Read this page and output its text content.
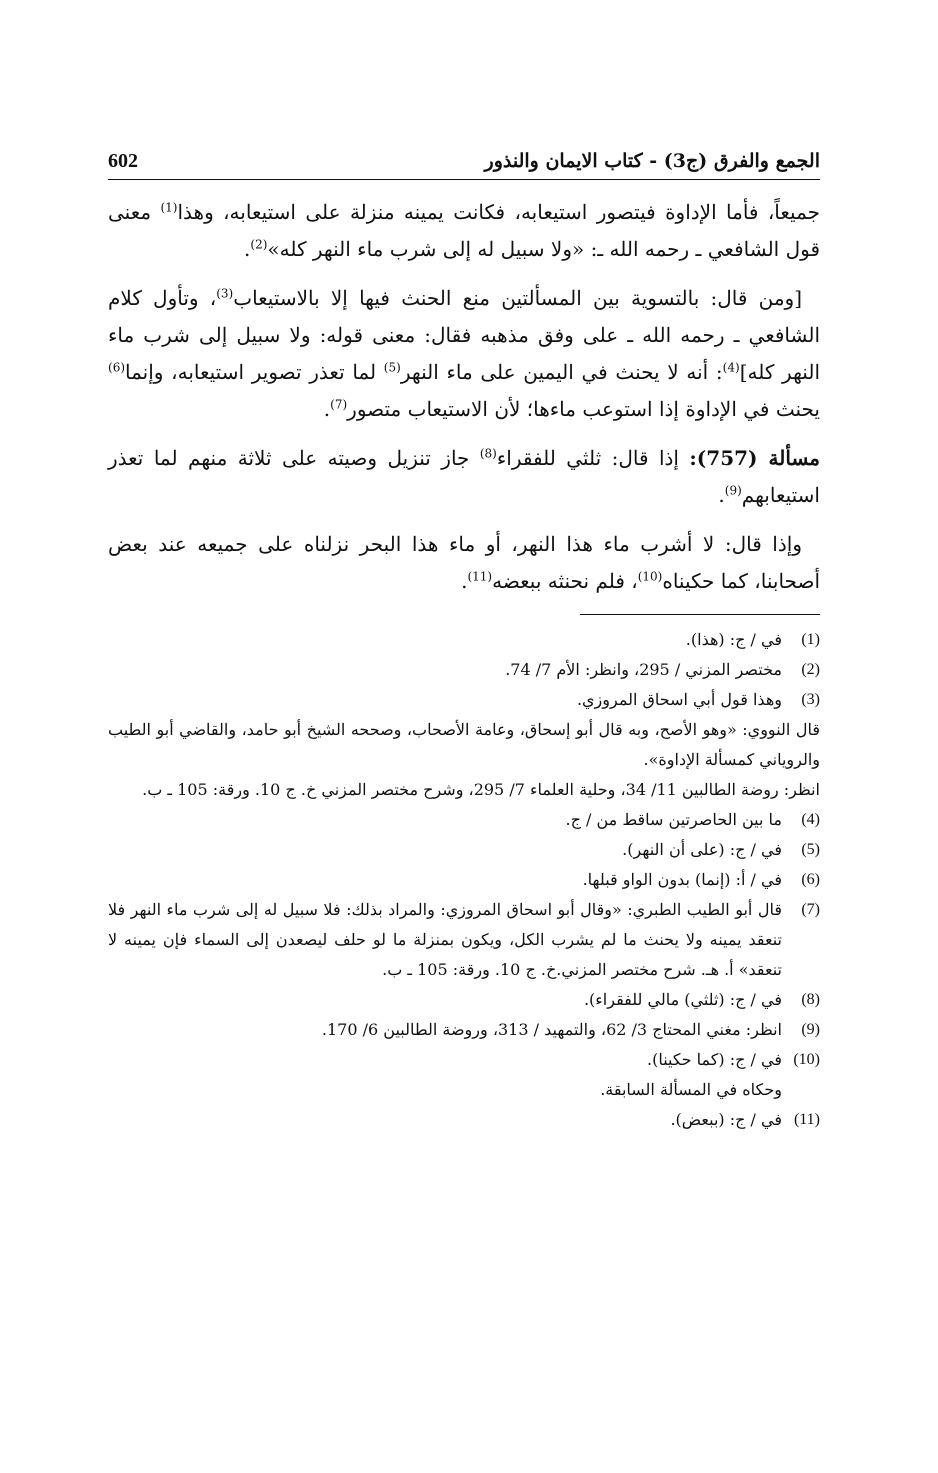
الجمع والفرق (ج3) - كتاب الايمان والنذور
602

جميعاً، فأما الإداوة فيتصور استيعابه، فكانت يمينه منزلة على استيعابه، وهذا$^{(1)}$ معنى قول الشافعي ـ رحمه الله ـ: «ولا سبيل له إلى شرب ماء النهر كله»$^{(2)}$.

[ومن قال: بالتسوية بين المسألتين منع الحنث فيها إلا بالاستيعاب$^{(3)}$، وتأول كلام الشافعي ـ رحمه الله ـ على وفق مذهبه فقال: معنى قوله: ولا سبيل إلى شرب ماء النهر كله]$^{(4)}$: أنه لا يحنث في اليمين على ماء النهر$^{(5)}$ لما تعذر تصوير استيعابه، وإنما$^{(6)}$ يحنث في الإداوة إذا استوعب ماءها؛ لأن الاستيعاب متصور$^{(7)}$.

مسألة (757): إذا قال: ثلثي للفقراء$^{(8)}$ جاز تنزيل وصيته على ثلاثة منهم لما تعذر استيعابهم$^{(9)}$.

وإذا قال: لا أشرب ماء هذا النهر، أو ماء هذا البحر نزلناه على جميعه عند بعض أصحابنا، كما حكيناه$^{(10)}$، فلم نحنثه ببعضه$^{(11)}$.

(1)
في / ج: (هذا).
(2)
مختصر المزني / 295، وانظر: الأم 7/ 74.
(3)
وهذا قول أبي اسحاق المروزي.
قال النووي: «وهو الأصح، وبه قال أبو إسحاق، وعامة الأصحاب، وصححه الشيخ أبو حامد، والقاضي أبو الطيب والروياني كمسألة الإداوة».
انظر: روضة الطالبين 11/ 34، وحلية العلماء 7/ 295، وشرح مختصر المزني خ. ج 10. ورقة: 105 ـ ب.
(4)
ما بين الحاصرتين ساقط من / ج.
(5)
في / ج: (على أن النهر).
(6)
في / أ: (إنما) بدون الواو قبلها.
(7)
قال أبو الطيب الطبري: «وقال أبو اسحاق المروزي: والمراد بذلك: فلا سبيل له إلى شرب ماء النهر فلا تنعقد يمينه ولا يحنث ما لم يشرب الكل، ويكون بمنزلة ما لو حلف ليصعدن إلى السماء فإن يمينه لا تنعقد» أ. هـ. شرح مختصر المزني.خ. ج 10. ورقة: 105 ـ ب.
(8)
في / ج: (ثلثي) مالي للفقراء).
(9)
انظر: مغني المحتاج 3/ 62، والتمهيد / 313، وروضة الطالبين 6/ 170.
(10)
في / ج: (كما حكينا).
وحكاه في المسألة السابقة.
(11)
في / ج: (ببعض).
